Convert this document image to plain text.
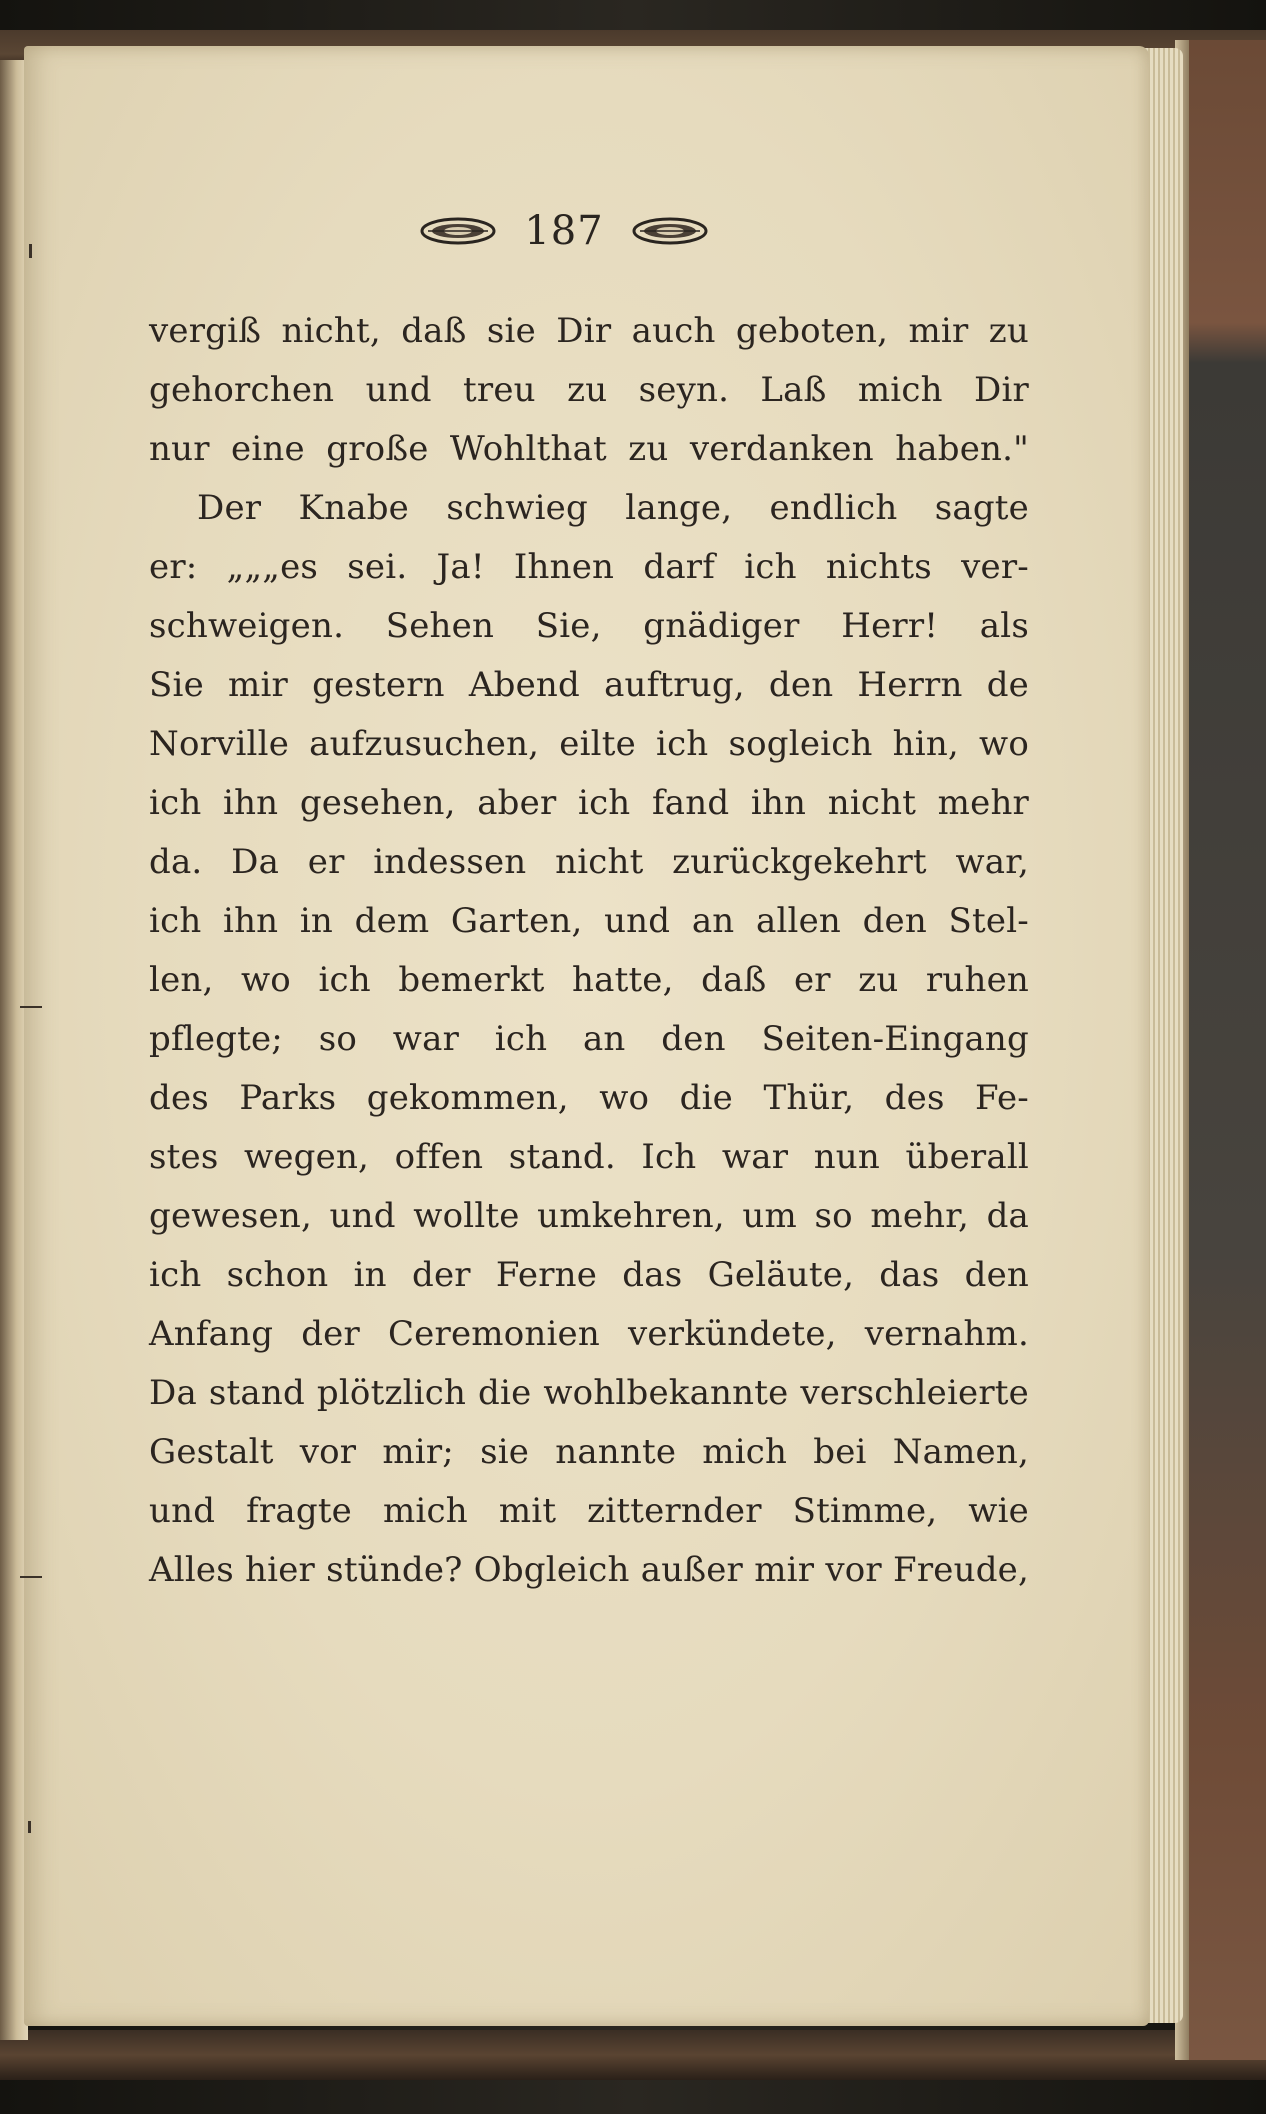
187
vergiß nicht, daß sie Dir auch geboten, mir zu
gehorchen und treu zu seyn. Laß mich Dir
nur eine große Wohlthat zu verdanken haben."
Der Knabe schwieg lange, endlich sagte
er: „„„es sei. Ja! Ihnen darf ich nichts ver-
schweigen. Sehen Sie, gnädiger Herr! als
Sie mir gestern Abend auftrug, den Herrn de
Norville aufzusuchen, eilte ich sogleich hin, wo
ich ihn gesehen, aber ich fand ihn nicht mehr
da. Da er indessen nicht zurückgekehrt war,
ich ihn in dem Garten, und an allen den Stel-
len, wo ich bemerkt hatte, daß er zu ruhen
pflegte; so war ich an den Seiten-Eingang
des Parks gekommen, wo die Thür, des Fe-
stes wegen, offen stand. Ich war nun überall
gewesen, und wollte umkehren, um so mehr, da
ich schon in der Ferne das Geläute, das den
Anfang der Ceremonien verkündete, vernahm.
Da stand plötzlich die wohlbekannte verschleierte
Gestalt vor mir; sie nannte mich bei Namen,
und fragte mich mit zitternder Stimme, wie
Alles hier stünde? Obgleich außer mir vor Freude,
